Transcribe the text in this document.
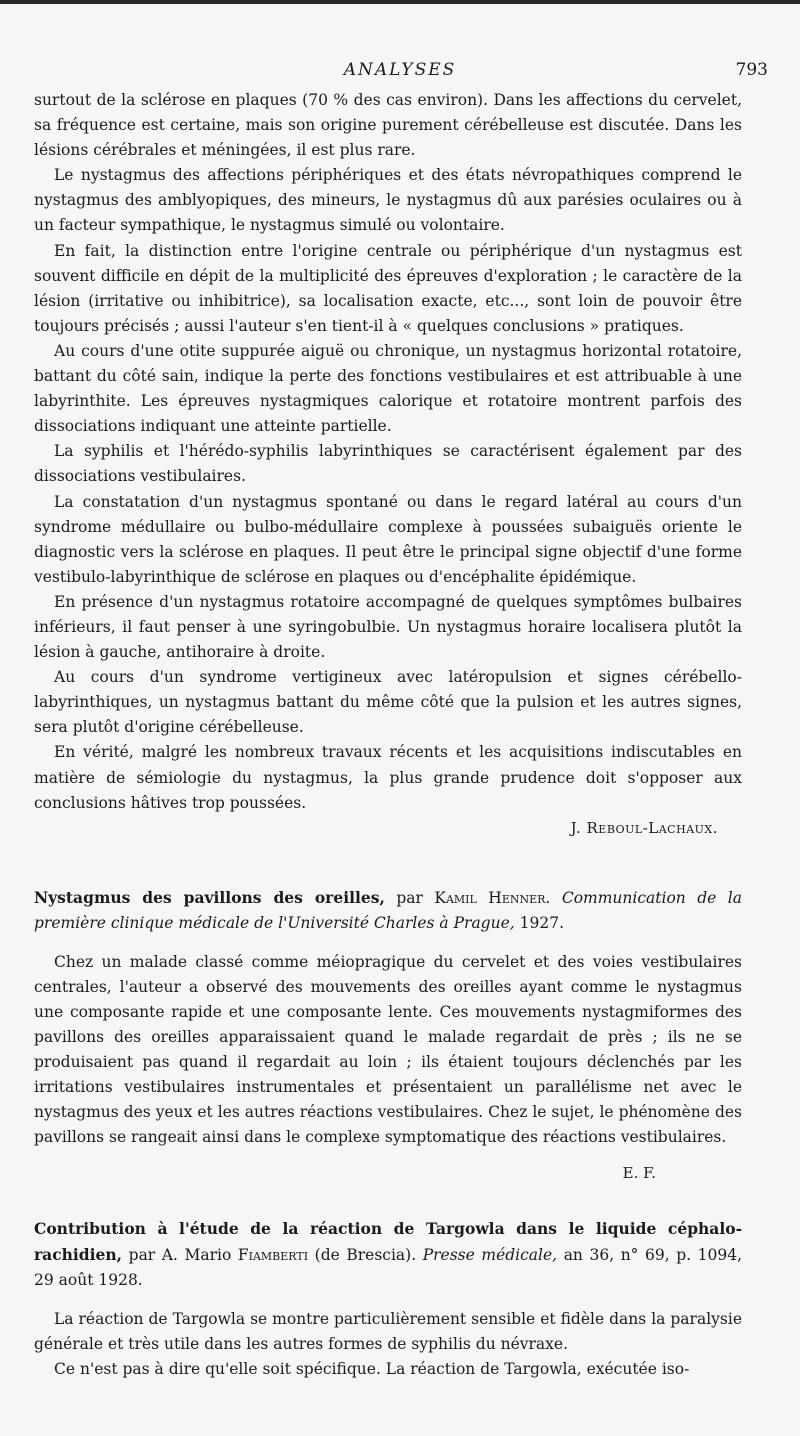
ANALYSES	793

surtout de la sclérose en plaques (70 % des cas environ). Dans les affections du cervelet, sa fréquence est certaine, mais son origine purement cérébelleuse est discutée. Dans les lésions cérébrales et méningées, il est plus rare.

Le nystagmus des affections périphériques et des états névropathiques comprend le nystagmus des amblyopiques, des mineurs, le nystagmus dû aux parésies oculaires ou à un facteur sympathique, le nystagmus simulé ou volontaire.

En fait, la distinction entre l'origine centrale ou périphérique d'un nystagmus est souvent difficile en dépit de la multiplicité des épreuves d'exploration ; le caractère de la lésion (irritative ou inhibitrice), sa localisation exacte, etc..., sont loin de pouvoir être toujours précisés ; aussi l'auteur s'en tient-il à « quelques conclusions » pratiques.

Au cours d'une otite suppurée aiguë ou chronique, un nystagmus horizontal rotatoire, battant du côté sain, indique la perte des fonctions vestibulaires et est attribuable à une labyrinthite. Les épreuves nystagmiques calorique et rotatoire montrent parfois des dissociations indiquant une atteinte partielle.

La syphilis et l'hérédo-syphilis labyrinthiques se caractérisent également par des dissociations vestibulaires.

La constatation d'un nystagmus spontané ou dans le regard latéral au cours d'un syndrome médullaire ou bulbo-médullaire complexe à poussées subaiguës oriente le diagnostic vers la sclérose en plaques. Il peut être le principal signe objectif d'une forme vestibulo-labyrinthique de sclérose en plaques ou d'encéphalite épidémique.

En présence d'un nystagmus rotatoire accompagné de quelques symptômes bulbaires inférieurs, il faut penser à une syringobulbie. Un nystagmus horaire localisera plutôt la lésion à gauche, antihoraire à droite.

Au cours d'un syndrome vertigineux avec latéropulsion et signes cérébello-labyrinthiques, un nystagmus battant du même côté que la pulsion et les autres signes, sera plutôt d'origine cérébelleuse.

En vérité, malgré les nombreux travaux récents et les acquisitions indiscutables en matière de sémiologie du nystagmus, la plus grande prudence doit s'opposer aux conclusions hâtives trop poussées.

J. Reboul-Lachaux.

Nystagmus des pavillons des oreilles, par Kamil Henner. Communication de la première clinique médicale de l'Université Charles à Prague, 1927.

Chez un malade classé comme méiopragique du cervelet et des voies vestibulaires centrales, l'auteur a observé des mouvements des oreilles ayant comme le nystagmus une composante rapide et une composante lente. Ces mouvements nystagmiformes des pavillons des oreilles apparaissaient quand le malade regardait de près ; ils ne se produisaient pas quand il regardait au loin ; ils étaient toujours déclenchés par les irritations vestibulaires instrumentales et présentaient un parallélisme net avec le nystagmus des yeux et les autres réactions vestibulaires. Chez le sujet, le phénomène des pavillons se rangeait ainsi dans le complexe symptomatique des réactions vestibulaires.

E. F.

Contribution à l'étude de la réaction de Targowla dans le liquide céphalo-rachidien, par A. Mario Fiamberti (de Brescia). Presse médicale, an 36, n° 69, p. 1094, 29 août 1928.

La réaction de Targowla se montre particulièrement sensible et fidèle dans la paralysie générale et très utile dans les autres formes de syphilis du névraxe.

Ce n'est pas à dire qu'elle soit spécifique. La réaction de Targowla, exécutée iso-
